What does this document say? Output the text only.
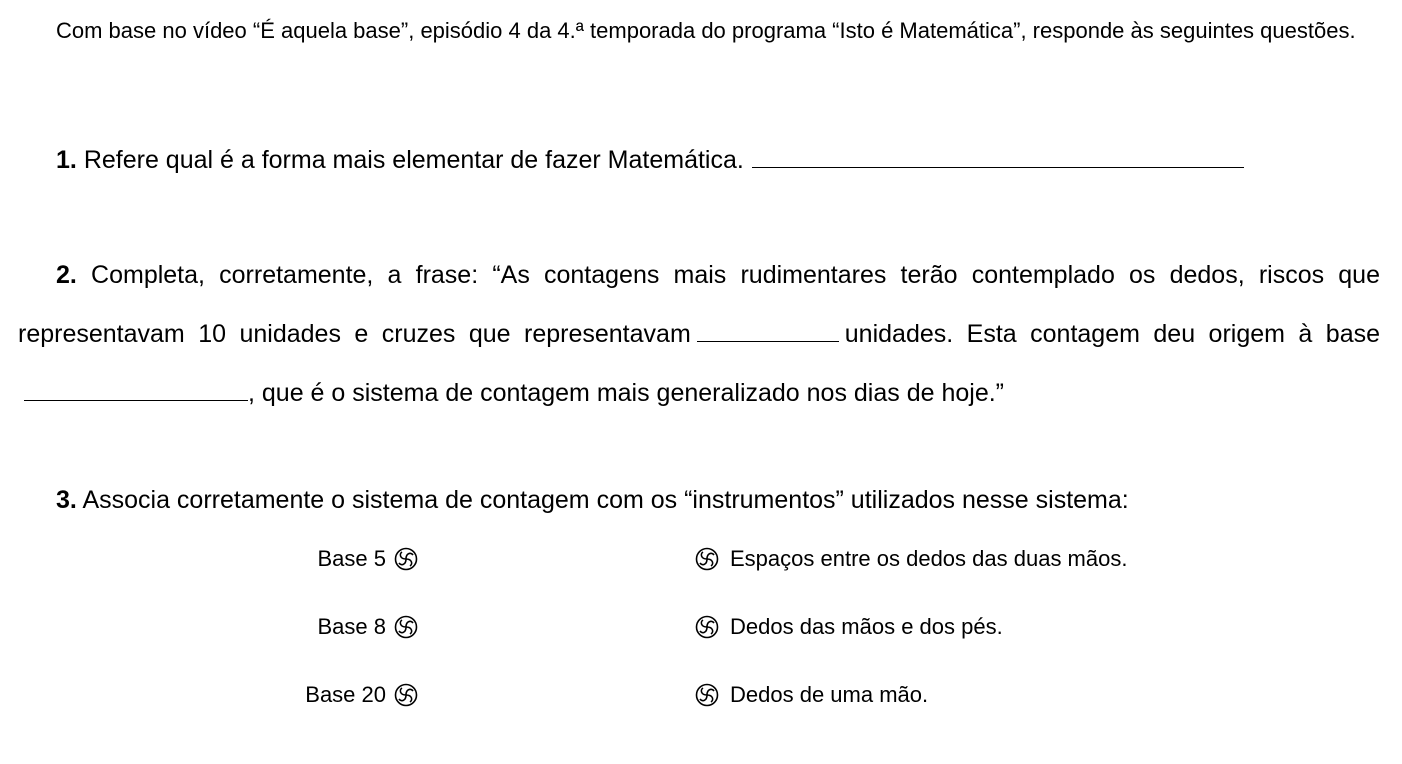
Com base no vídeo “É aquela base”, episódio 4 da 4.ª temporada do programa “Isto é Matemática”, responde às seguintes questões.

1. Refere qual é a forma mais elementar de fazer Matemática.

2. Completa, corretamente, a frase: “As contagens mais rudimentares terão contemplado os dedos, riscos que representavam 10 unidades e cruzes que representavam	unidades. Esta contagem deu origem à base, que é o sistema de contagem mais generalizado nos dias de hoje.”

3. Associa corretamente o sistema de contagem com os “instrumentos” utilizados nesse sistema:

Base 5
Base 8
Base 20
Espaços entre os dedos das duas mãos.
Dedos das mãos e dos pés.
Dedos de uma mão.
